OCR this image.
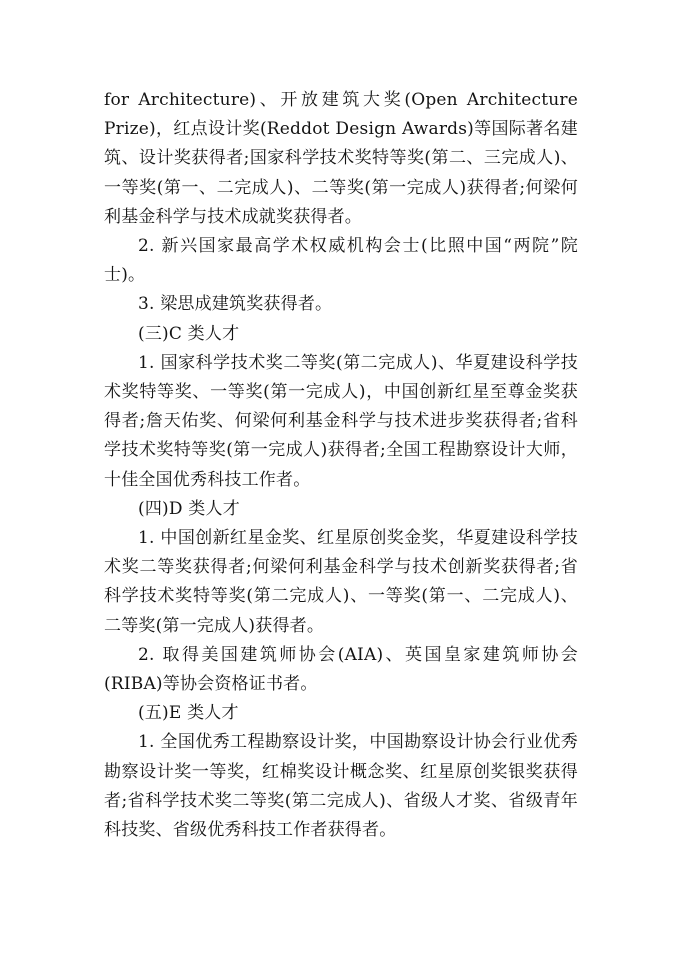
for Architecture)、开放建筑大奖(Open Architecture Prize)，红点设计奖(Reddot Design Awards)等国际著名建筑、设计奖获得者;国家科学技术奖特等奖(第二、三完成人)、一等奖(第一、二完成人)、二等奖(第一完成人)获得者;何梁何利基金科学与技术成就奖获得者。

2. 新兴国家最高学术权威机构会士(比照中国“两院”院士)。

3. 梁思成建筑奖获得者。

(三)C 类人才

1. 国家科学技术奖二等奖(第二完成人)、华夏建设科学技术奖特等奖、一等奖(第一完成人)，中国创新红星至尊金奖获得者;詹天佑奖、何梁何利基金科学与技术进步奖获得者;省科学技术奖特等奖(第一完成人)获得者;全国工程勘察设计大师，十佳全国优秀科技工作者。

(四)D 类人才

1. 中国创新红星金奖、红星原创奖金奖，华夏建设科学技术奖二等奖获得者;何梁何利基金科学与技术创新奖获得者;省科学技术奖特等奖(第二完成人)、一等奖(第一、二完成人)、二等奖(第一完成人)获得者。

2. 取得美国建筑师协会(AIA)、英国皇家建筑师协会(RIBA)等协会资格证书者。

(五)E 类人才

1. 全国优秀工程勘察设计奖，中国勘察设计协会行业优秀勘察设计奖一等奖，红棉奖设计概念奖、红星原创奖银奖获得者;省科学技术奖二等奖(第二完成人)、省级人才奖、省级青年科技奖、省级优秀科技工作者获得者。
